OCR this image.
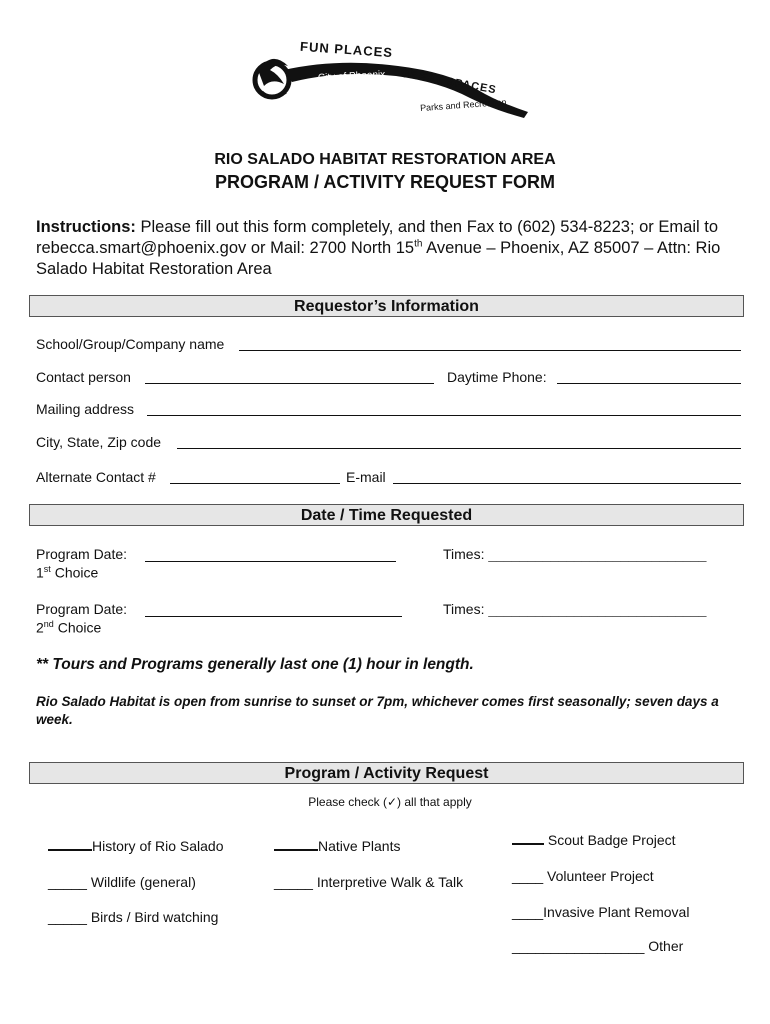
FUN PLACES
City of Phoenix GREAT SPACES
Parks and Recreation
RIO SALADO HABITAT RESTORATION AREA
PROGRAM / ACTIVITY REQUEST FORM
Instructions: Please fill out this form completely, and then Fax to (602) 534-8223; or Email to rebecca.smart@phoenix.gov or Mail: 2700 North 15th Avenue – Phoenix, AZ 85007 – Attn: Rio Salado Habitat Restoration Area
Requestor’s Information
School/Group/Company name
Contact person	Daytime Phone:
Mailing address
City, State, Zip code
Alternate Contact #	E-mail
Date / Time Requested
Program Date:
1st Choice
Times: ____________________________
Program Date:
2nd Choice
Times: ____________________________
** Tours and Programs generally last one (1) hour in length.
Rio Salado Habitat is open from sunrise to sunset or 7pm, whichever comes first seasonally; seven days a week.
Program / Activity Request
Please check (✓) all that apply
History of Rio Salado
_____ Wildlife (general)
_____ Birds / Bird watching
Native Plants
_____ Interpretive Walk & Talk
Scout Badge Project
____ Volunteer Project
____Invasive Plant Removal
_________________ Other
